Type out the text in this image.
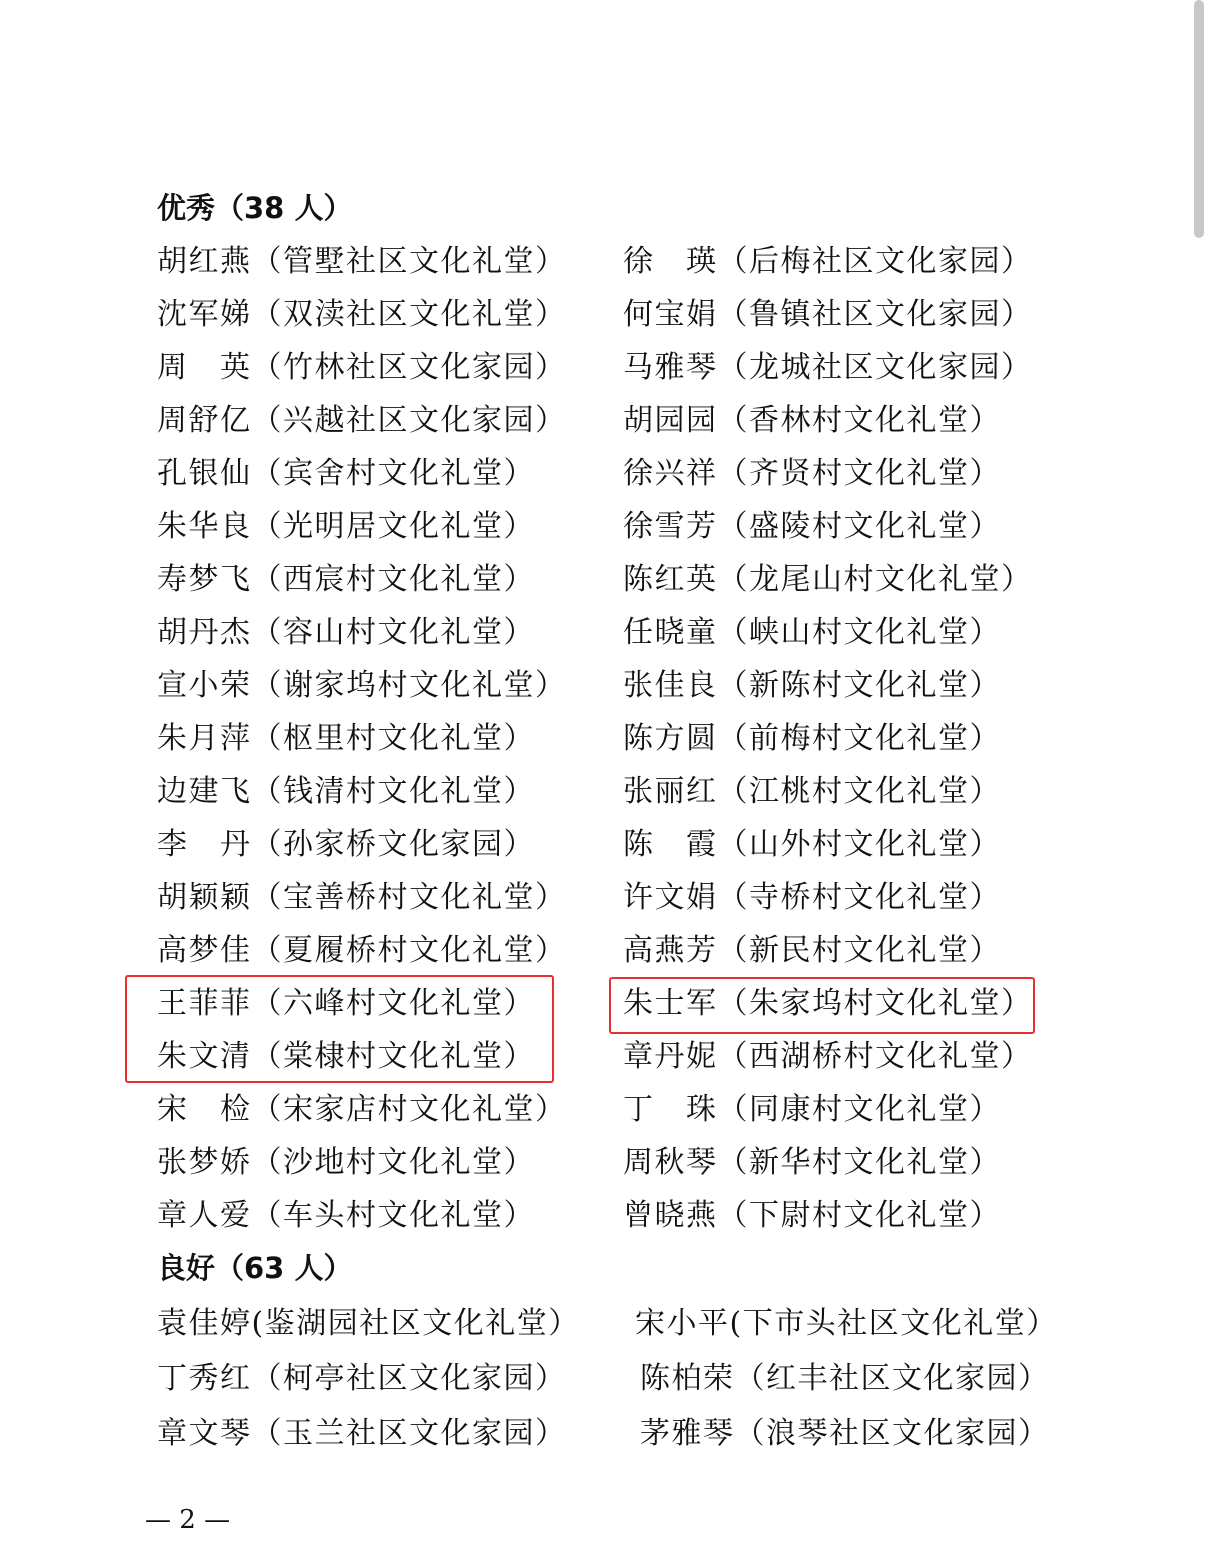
优秀（38 人）
胡红燕（管墅社区文化礼堂） 徐　瑛（后梅社区文化家园）
沈军娣（双渎社区文化礼堂） 何宝娟（鲁镇社区文化家园）
周　英（竹林社区文化家园） 马雅琴（龙城社区文化家园）
周舒亿（兴越社区文化家园） 胡园园（香林村文化礼堂）
孔银仙（宾舍村文化礼堂）	徐兴祥（齐贤村文化礼堂）
朱华良（光明居文化礼堂）	徐雪芳（盛陵村文化礼堂）
寿梦飞（西宸村文化礼堂）	陈红英（龙尾山村文化礼堂）
胡丹杰（容山村文化礼堂）	任晓童（峡山村文化礼堂）
宣小荣（谢家坞村文化礼堂） 张佳良（新陈村文化礼堂）
朱月萍（枢里村文化礼堂）	陈方圆（前梅村文化礼堂）
边建飞（钱清村文化礼堂）	张丽红（江桃村文化礼堂）
李　丹（孙家桥文化家园）	陈　霞（山外村文化礼堂）
胡颖颖（宝善桥村文化礼堂） 许文娟（寺桥村文化礼堂）
高梦佳（夏履桥村文化礼堂） 高燕芳（新民村文化礼堂）
王菲菲（六峰村文化礼堂）	朱士军（朱家坞村文化礼堂）
朱文清（棠棣村文化礼堂）	章丹妮（西湖桥村文化礼堂）
宋　检（宋家店村文化礼堂） 丁　珠（同康村文化礼堂）
张梦娇（沙地村文化礼堂）	周秋琴（新华村文化礼堂）
章人爱（车头村文化礼堂）	曾晓燕（下尉村文化礼堂）
良好（63 人）
袁佳婷(鉴湖园社区文化礼堂） 宋小平(下市头社区文化礼堂）
丁秀红（柯亭社区文化家园） 陈柏荣（红丰社区文化家园）
章文琴（玉兰社区文化家园） 茅雅琴（浪琴社区文化家园）
— 2 —
